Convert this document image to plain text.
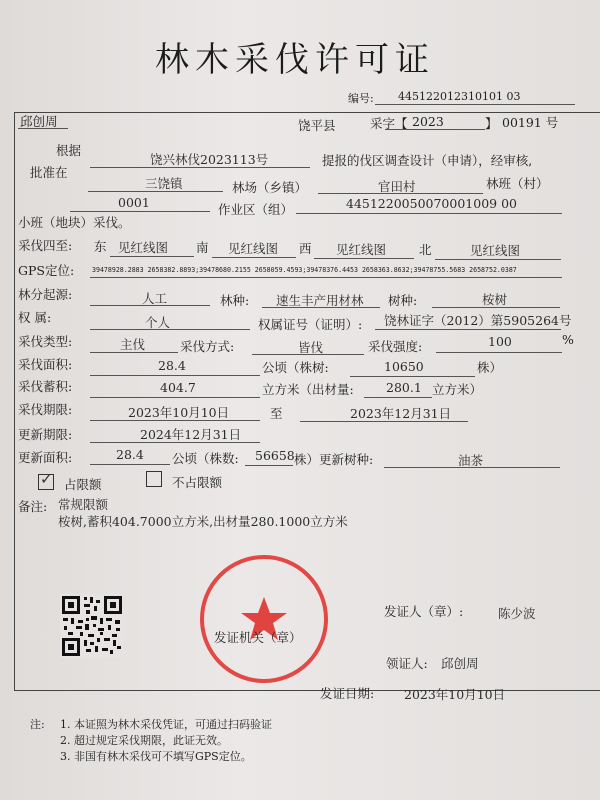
林木采伐许可证
编号: 445122012310101 03
邱创周	饶平县	采字【 2023	】 00191 号
根据
饶兴林伐2023113号	提报的伐区调查设计（申请），经审核,
批准在
三饶镇	林场（乡镇）	官田村	林班（村）
0001	作业区（组）	4451220050070001009 00
小班（地块）采伐。
采伐四至: 东 见红线图 南 见红线图 西 见红线图	北	见红线图
GPS定位:	39478928.2883 2658382.8893;39478680.2155 2658059.4593;39478376.4453 2658363.8632;39478755.5683 2658752.0387
林分起源:	人工	林种: 速生丰产用材林 树种:	桉树
权 属:	个人	权属证号（证明）: 饶林证字（2012）第5905264号
采伐类型:	主伐	采伐方式:	皆伐	采伐强度:	100	%
采伐面积:	28.4	公顷（株树:	10650	株）
采伐蓄积:	404.7	立方米（出材量:	280.1 立方米）
采伐期限:	2023年10月10日	至	2023年12月31日
更新期限:	2024年12月31日
更新面积:	28.4 公顷（株数: 56658 株）更新树种:	油茶
✓ 占限额	不占限额
备注: 常规限额
桉树,蓄积404.7000立方米,出材量280.1000立方米
发证机关（章）
发证人（章）:	陈少波
领证人: 邱创周
发证日期: 2023年10月10日
注: 1. 本证照为林木采伐凭证，可通过扫码验证
2. 超过规定采伐期限，此证无效。
3. 非国有林木采伐可不填写GPS定位。
